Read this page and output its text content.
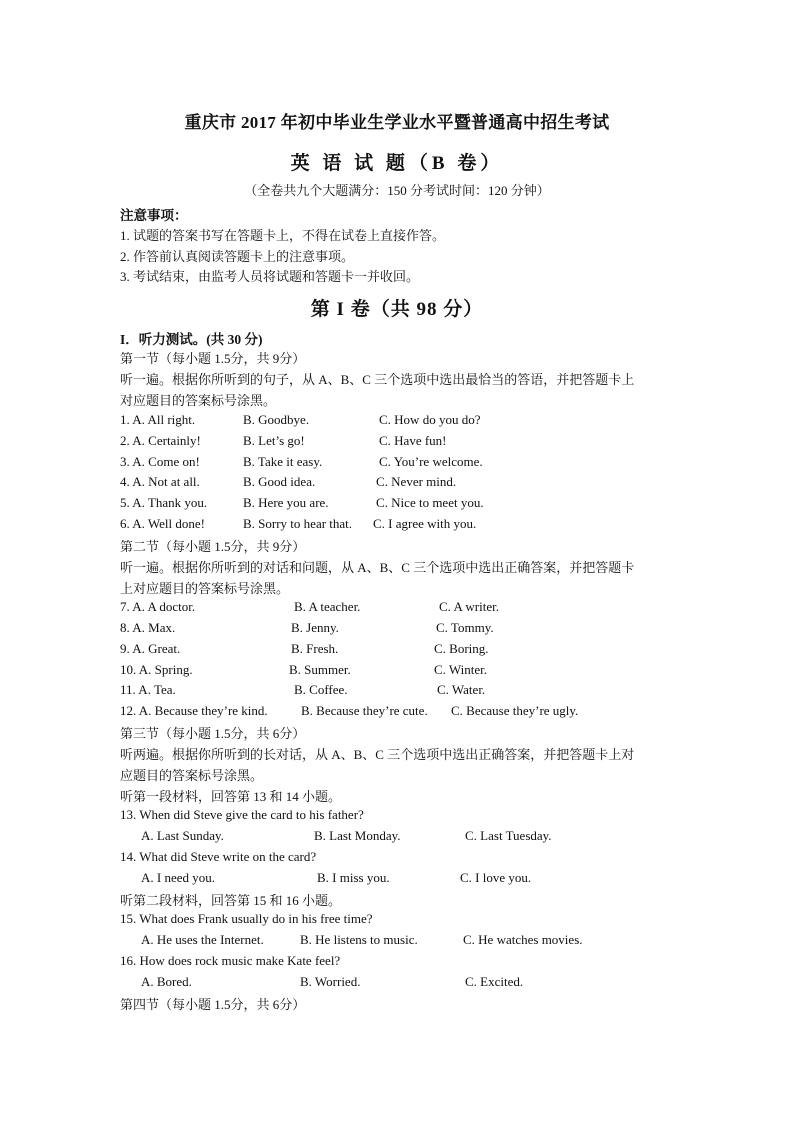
重庆市 2017 年初中毕业生学业水平暨普通高中招生考试
英 语 试 题（B 卷）
（全卷共九个大题满分：150 分考试时间：120 分钟）
注意事项：
1. 试题的答案书写在答题卡上，不得在试卷上直接作答。
2. 作答前认真阅读答题卡上的注意事项。
3. 考试结束，由监考人员将试题和答题卡一并收回。
第 I 卷（共 98 分）
I．听力测试。(共 30 分)
第一节（每小题 1.5分，共 9分）
听一遍。根据你所听到的句子，从 A、B、C 三个选项中选出最恰当的答语，并把答题卡上
对应题目的答案标号涂黑。
1. A. All right.	B. Goodbye.	C. How do you do?
2. A. Certainly!	B. Let’s go!	C. Have fun!
3. A. Come on!	B. Take it easy.	C. You’re welcome.
4. A. Not at all.	B. Good idea.	C. Never mind.
5. A. Thank you.	B. Here you are.	C. Nice to meet you.
6. A. Well done!	B. Sorry to hear that. C. I agree with you.
第二节（每小题 1.5分，共 9分）
听一遍。根据你所听到的对话和问题，从 A、B、C 三个选项中选出正确答案，并把答题卡
上对应题目的答案标号涂黑。
7. A. A doctor.	B. A teacher.	C. A writer.
8. A. Max.	B. Jenny.	C. Tommy.
9. A. Great.	B. Fresh.	C. Boring.
10. A. Spring.	B. Summer.	C. Winter.
11. A. Tea.	B. Coffee.	C. Water.
12. A. Because they’re kind.	B. Because they’re cute. C. Because they’re ugly.
第三节（每小题 1.5分，共 6分）
听两遍。根据你所听到的长对话，从 A、B、C 三个选项中选出正确答案，并把答题卡上对
应题目的答案标号涂黑。
听第一段材料，回答第 13 和 14 小题。
13. When did Steve give the card to his father?
A. Last Sunday.	B. Last Monday.	C. Last Tuesday.
14. What did Steve write on the card?
A. I need you.	B. I miss you.	C. I love you.
听第二段材料，回答第 15 和 16 小题。
15. What does Frank usually do in his free time?
A. He uses the Internet.	B. He listens to music.	C. He watches movies.
16. How does rock music make Kate feel?
A. Bored.	B. Worried.	C. Excited.
第四节（每小题 1.5分，共 6分）
